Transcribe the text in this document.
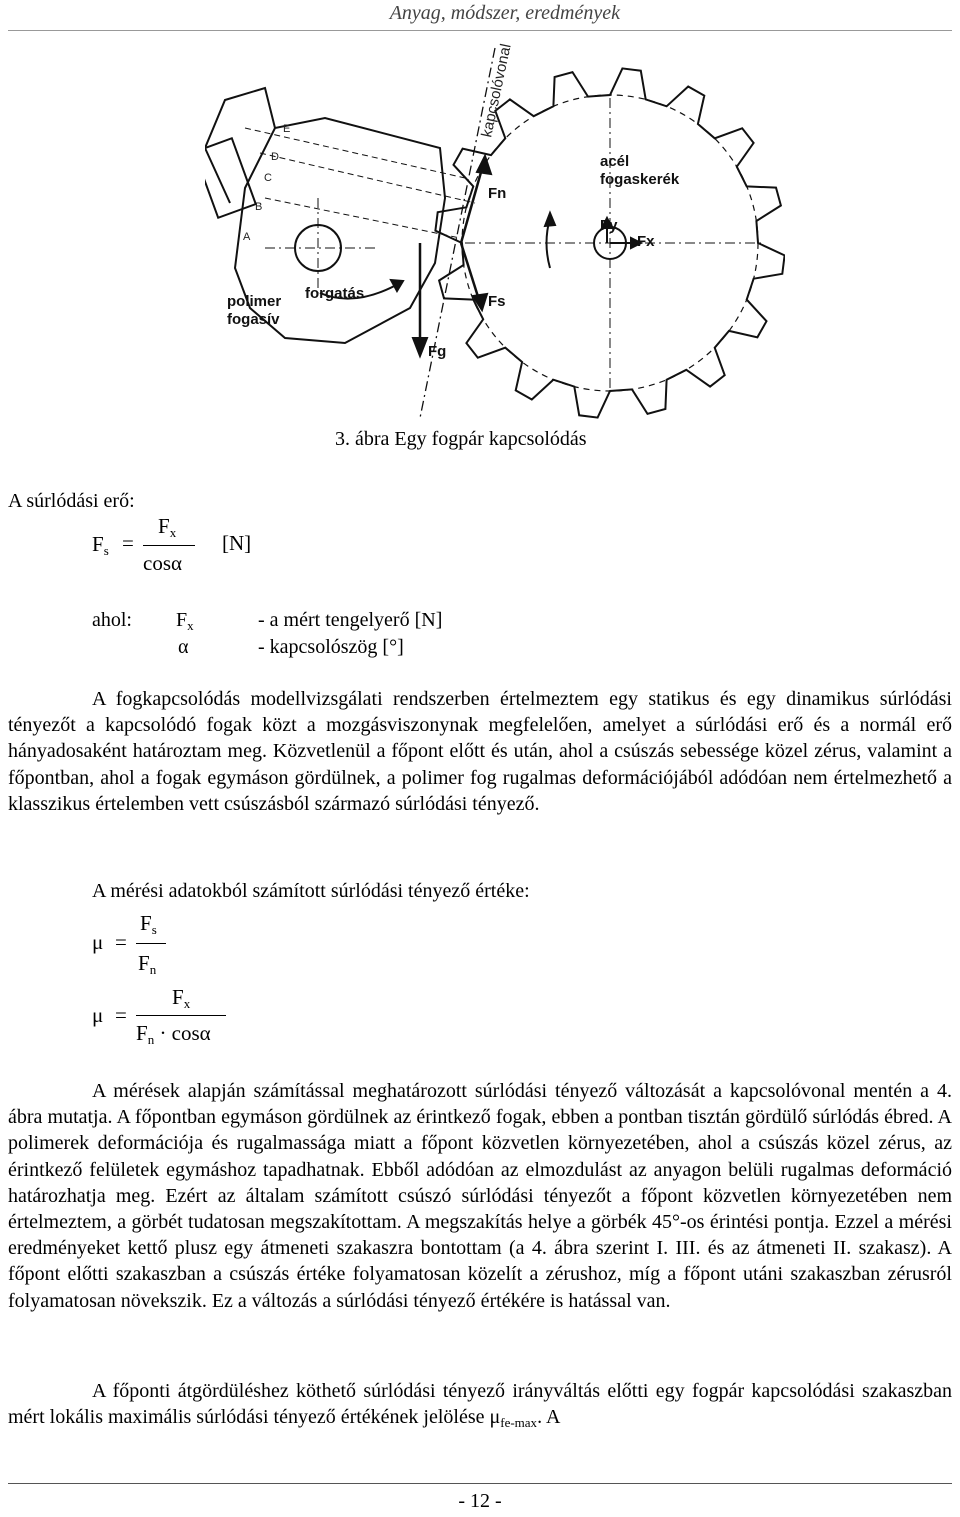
Anyag, módszer, eredmények
kapcsolóvonal
acél
fogaskerék
Fn
Fy
Fx
Fs
Fg
forgatás
polimer
fogasív
E
D
C
B
A
3. ábra Egy fogpár kapcsolódás
A súrlódási erő:
$F_s$ =
$F_x$
cosα
[N]
ahol: $F_x$	- a mért tengelyerő [N]
α	- kapcsolószög [°]
A fogkapcsolódás modellvizsgálati rendszerben értelmeztem egy statikus és egy dinamikus súrlódási tényezőt a kapcsolódó fogak közt a mozgásviszonynak megfelelően, amelyet a súrlódási erő és a normál erő hányadosaként határoztam meg. Közvetlenül a főpont előtt és után, ahol a csúszás sebessége közel zérus, valamint a főpontban, ahol a fogak egymáson gördülnek, a polimer fog rugalmas deformációjából adódóan nem értelmezhető a klasszikus értelemben vett csúszásból származó súrlódási tényező.
A mérési adatokból számított súrlódási tényező értéke:
μ =
$F_s$
$F_n$
μ =
$F_x$
$F_n \cdot \cos\alpha$
A mérések alapján számítással meghatározott súrlódási tényező változását a kapcsolóvonal mentén a 4. ábra mutatja. A főpontban egymáson gördülnek az érintkező fogak, ebben a pontban tisztán gördülő súrlódás ébred. A polimerek deformációja és rugalmassága miatt a főpont közvetlen környezetében, ahol a csúszás közel zérus, az érintkező felületek egymáshoz tapadhatnak. Ebből adódóan az elmozdulást az anyagon belüli rugalmas deformáció határozhatja meg. Ezért az általam számított csúszó súrlódási tényezőt a főpont közvetlen környezetében nem értelmeztem, a görbét tudatosan megszakítottam. A megszakítás helye a görbék 45°-os érintési pontja. Ezzel a mérési eredményeket kettő plusz egy átmeneti szakaszra bontottam (a 4. ábra szerint I. III. és az átmeneti II. szakasz). A főpont előtti szakaszban a csúszás értéke folyamatosan közelít a zérushoz, míg a főpont utáni szakaszban zérusról folyamatosan növekszik. Ez a változás a súrlódási tényező értékére is hatással van.
A főponti átgördüléshez köthető súrlódási tényező irányváltás előtti egy fogpár kapcsolódási szakaszban mért lokális maximális súrlódási tényező értékének jelölése $\mu_{fe-max}$. A
- 12 -
